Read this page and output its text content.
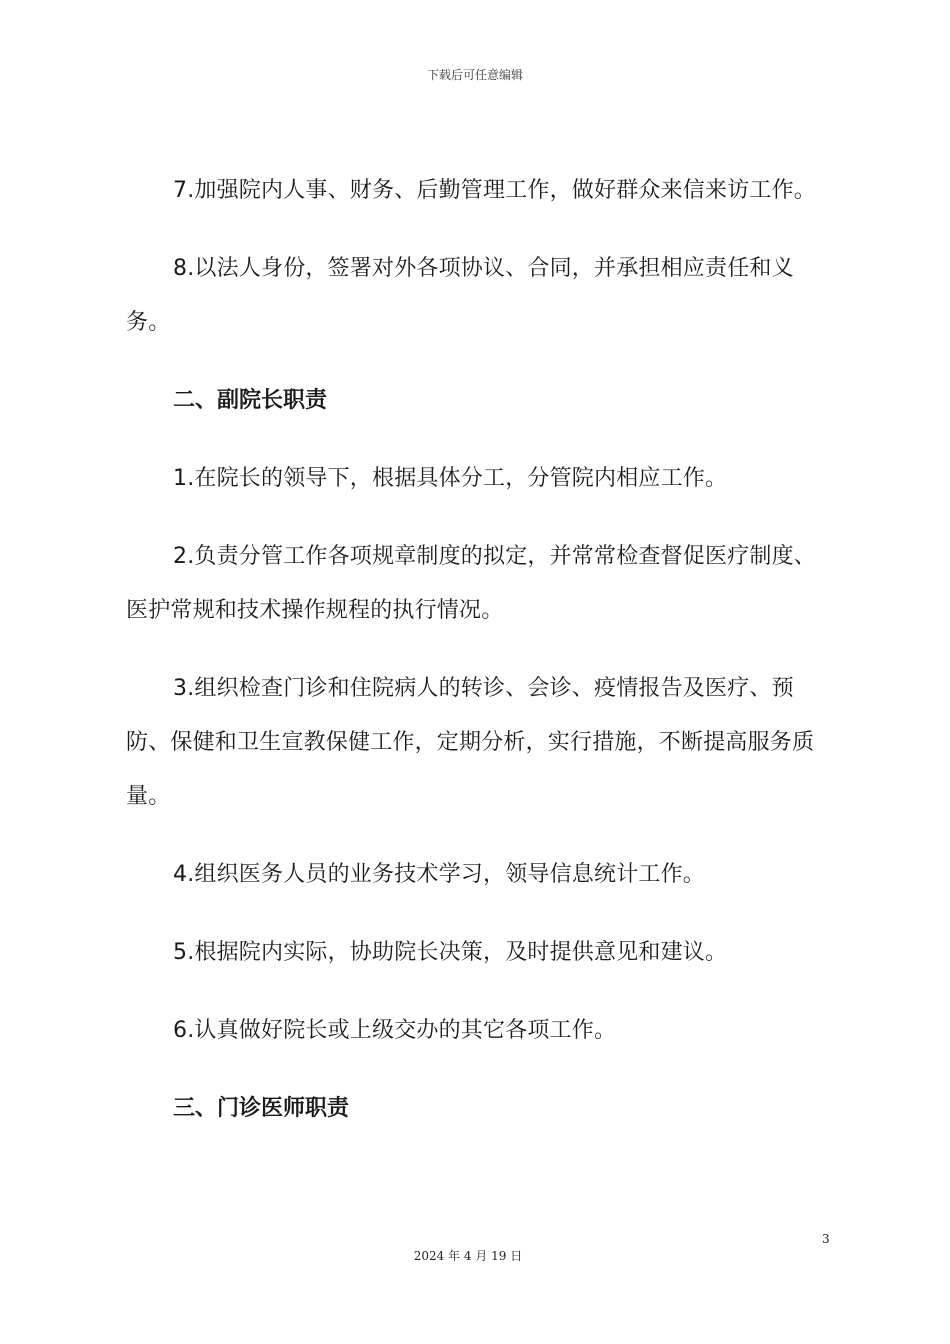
下载后可任意编辑

7.加强院内人事、财务、后勤管理工作，做好群众来信来访工作。

8.以法人身份，签署对外各项协议、合同，并承担相应责任和义务。

二、副院长职责

1.在院长的领导下，根据具体分工，分管院内相应工作。

2.负责分管工作各项规章制度的拟定，并常常检查督促医疗制度、医护常规和技术操作规程的执行情况。

3.组织检查门诊和住院病人的转诊、会诊、疫情报告及医疗、预防、保健和卫生宣教保健工作，定期分析，实行措施，不断提高服务质量。

4.组织医务人员的业务技术学习，领导信息统计工作。

5.根据院内实际，协助院长决策，及时提供意见和建议。

6.认真做好院长或上级交办的其它各项工作。

三、门诊医师职责

3
2024 年 4 月 19 日
